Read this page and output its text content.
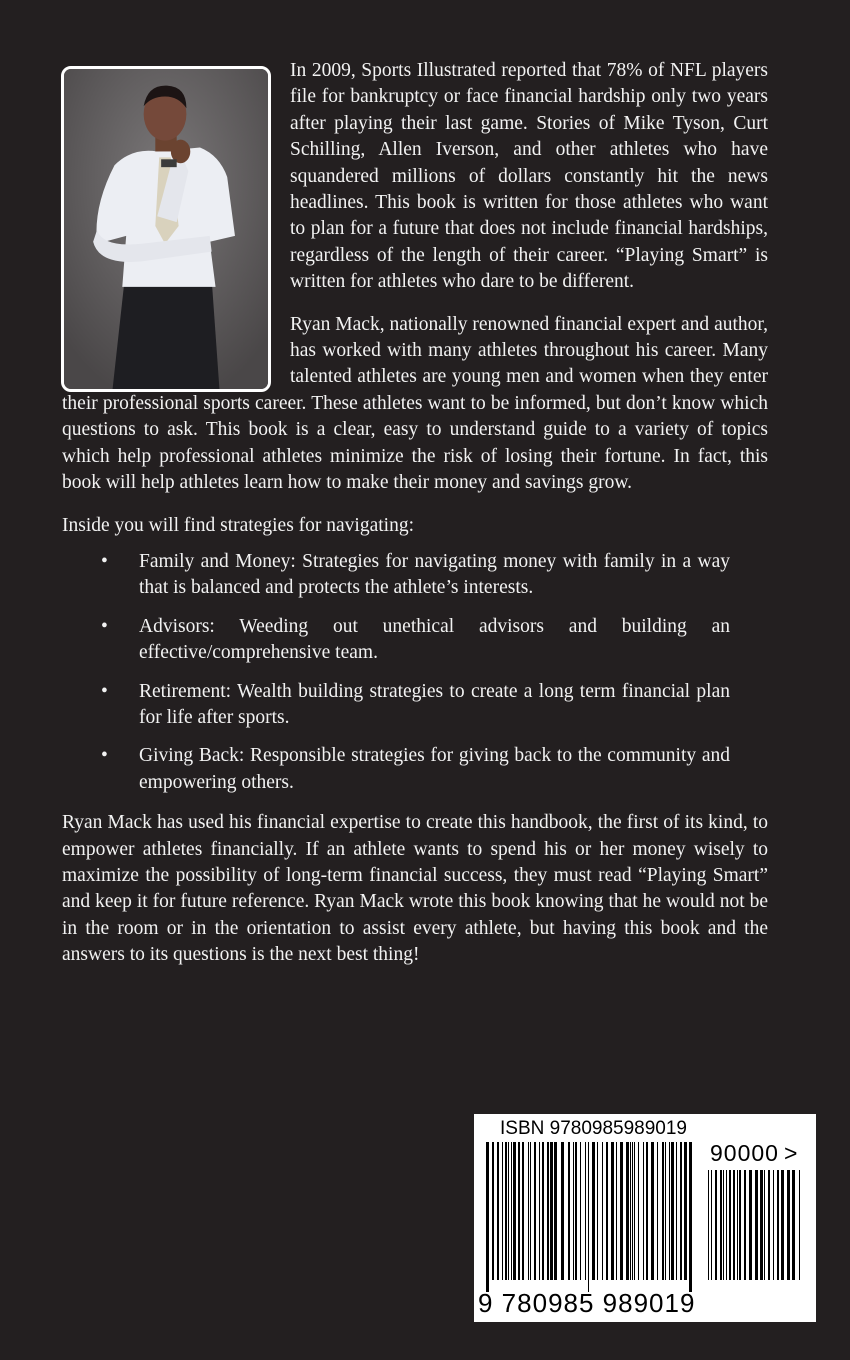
In 2009, Sports Illustrated reported that 78% of NFL players file for bankruptcy or face financial hardship only two years after playing their last game. Stories of Mike Tyson, Curt Schilling, Allen Iverson, and other athletes who have squandered millions of dollars constantly hit the news headlines. This book is written for those athletes who want to plan for a future that does not include financial hardships, regardless of the length of their career. “Playing Smart” is written for athletes who dare to be different.

Ryan Mack, nationally renowned financial expert and author, has worked with many athletes throughout his career. Many talented athletes are young men and women when they enter their professional sports career. These athletes want to be informed, but don’t know which questions to ask. This book is a clear, easy to understand guide to a variety of topics which help professional athletes minimize the risk of losing their fortune. In fact, this book will help athletes learn how to make their money and savings grow.

Inside you will find strategies for navigating:

• Family and Money: Strategies for navigating money with family in a way that is balanced and protects the athlete’s interests.
• Advisors: Weeding out unethical advisors and building an effective/comprehensive team.
• Retirement: Wealth building strategies to create a long term financial plan for life after sports.
• Giving Back: Responsible strategies for giving back to the community and empowering others.

Ryan Mack has used his financial expertise to create this handbook, the first of its kind, to empower athletes financially. If an athlete wants to spend his or her money wisely to maximize the possibility of long-term financial success, they must read “Playing Smart” and keep it for future reference. Ryan Mack wrote this book knowing that he would not be in the room or in the orientation to assist every athlete, but having this book and the answers to its questions is the next best thing!

ISBN 9780985989019
90000 >
9 780985 989019
